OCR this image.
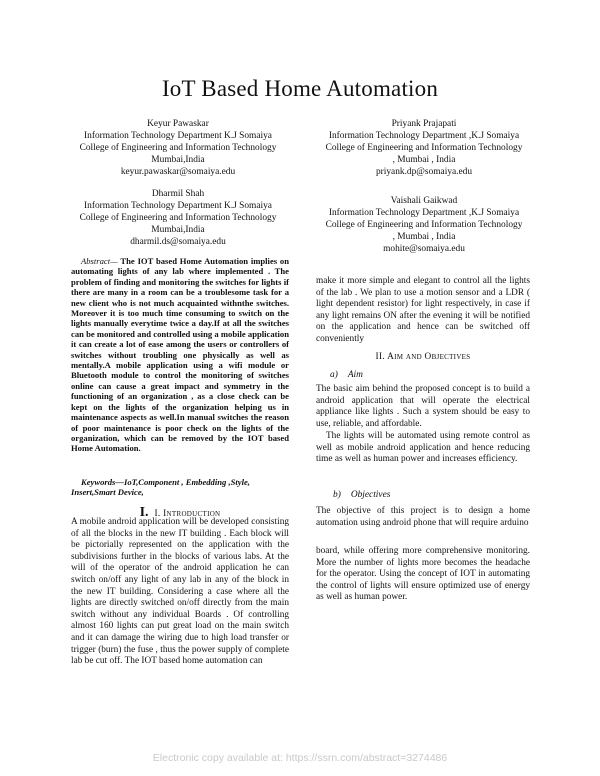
IoT Based Home Automation
Keyur Pawaskar
Information Technology Department K.J Somaiya
College of Engineering and Information Technology
Mumbai,India
keyur.pawaskar@somaiya.edu
Priyank Prajapati
Information Technology Department ,K.J Somaiya
College of Engineering and Information Technology
, Mumbai , India
priyank.dp@somaiya.edu
Dharmil Shah
Information Technology Department K.J Somaiya
College of Engineering and Information Technology
Mumbai,India
dharmil.ds@somaiya.edu
Vaishali Gaikwad
Information Technology Department ,K.J Somaiya
College of Engineering and Information Technology
, Mumbai , India
mohite@somaiya.edu
Abstract— The IOT based Home Automation implies on automating lights of any lab where implemented . The problem of finding and monitoring the switches for lights if there are many in a room can be a troublesome task for a new client who is not much acquainted withnthe switches. Moreover it is too much time consuming to switch on the lights manually everytime twice a day.If at all the switches can be monitored and controlled using a mobile application it can create a lot of ease among the users or controllers of switches without troubling one physically as well as mentally.A mobile application using a wifi module or Bluetooth module to control the monitoring of switches online can cause a great impact and symmetry in the functioning of an organization , as a close check can be kept on the lights of the organization helping us in maintenance aspects as well.In manual switches the reason of poor maintenance is poor check on the lights of the organization, which can be removed by the IOT based Home Automation.
Keywords—IoT,Component , Embedding ,Style, Insert,Smart Device,
I. I. Introduction
A mobile android application will be developed consisting of all the blocks in the new IT building . Each block will be pictorially represented on the application with the subdivisions further in the blocks of various labs. At the will of the operator of the android application he can switch on/off any light of any lab in any of the block in the new IT building. Considering a case where all the lights are directly switched on/off directly from the main switch without any individual Boards . Of controlling almost 160 lights can put great load on the main switch and it can damage the wiring due to high load transfer or trigger (burn) the fuse , thus the power supply of complete lab be cut off. The IOT based home automation can
make it more simple and elegant to control all the lights of the lab . We plan to use a motion sensor and a LDR ( light dependent resistor) for light respectively, in case if any light remains ON after the evening it will be notified on the application and hence can be switched off conveniently
II. Aim and Objectives
a) Aim
The basic aim behind the proposed concept is to build a android application that will operate the electrical appliance like lights . Such a system should be easy to use, reliable, and affordable.
The lights will be automated using remote control as well as mobile android application and hence reducing time as well as human power and increases efficiency.
b) Objectives
The objective of this project is to design a home automation using android phone that will require arduino
board, while offering more comprehensive monitoring. More the number of lights more becomes the headache for the operator. Using the concept of IOT in automating the control of lights will ensure optimized use of energy as well as human power.
Electronic copy available at: https://ssrn.com/abstract=3274486
